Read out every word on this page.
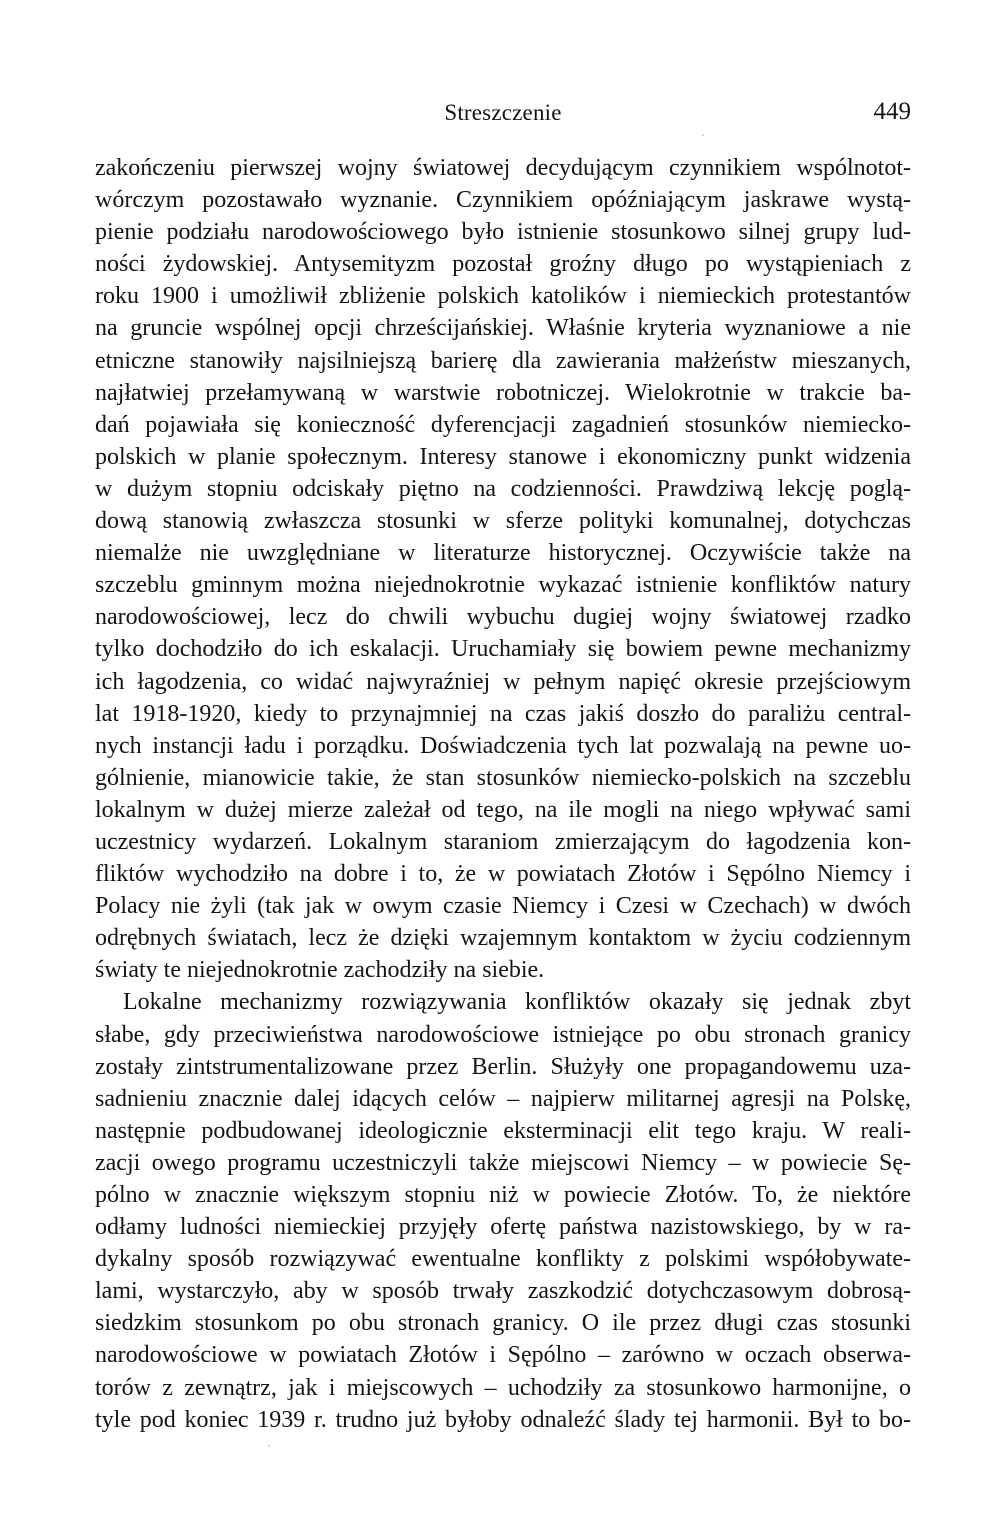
Streszczenie	449
zakończeniu pierwszej wojny światowej decydującym czynnikiem wspólnotot-
wórczym pozostawało wyznanie. Czynnikiem opóźniającym jaskrawe wystą-
pienie podziału narodowościowego było istnienie stosunkowo silnej grupy lud-
ności żydowskiej. Antysemityzm pozostał groźny długo po wystąpieniach z
roku 1900 i umożliwił zbliżenie polskich katolików i niemieckich protestantów
na gruncie wspólnej opcji chrześcijańskiej. Właśnie kryteria wyznaniowe a nie
etniczne stanowiły najsilniejszą barierę dla zawierania małżeństw mieszanych,
najłatwiej przełamywaną w warstwie robotniczej. Wielokrotnie w trakcie ba-
dań pojawiała się konieczność dyferencjacji zagadnień stosunków niemiecko-
polskich w planie społecznym. Interesy stanowe i ekonomiczny punkt widzenia
w dużym stopniu odciskały piętno na codzienności. Prawdziwą lekcję poglą-
dową stanowią zwłaszcza stosunki w sferze polityki komunalnej, dotychczas
niemalże nie uwzględniane w literaturze historycznej. Oczywiście także na
szczeblu gminnym można niejednokrotnie wykazać istnienie konfliktów natury
narodowościowej, lecz do chwili wybuchu dugiej wojny światowej rzadko
tylko dochodziło do ich eskalacji. Uruchamiały się bowiem pewne mechanizmy
ich łagodzenia, co widać najwyraźniej w pełnym napięć okresie przejściowym
lat 1918-1920, kiedy to przynajmniej na czas jakiś doszło do paraliżu central-
nych instancji ładu i porządku. Doświadczenia tych lat pozwalają na pewne uo-
gólnienie, mianowicie takie, że stan stosunków niemiecko-polskich na szczeblu
lokalnym w dużej mierze zależał od tego, na ile mogli na niego wpływać sami
uczestnicy wydarzeń. Lokalnym staraniom zmierzającym do łagodzenia kon-
fliktów wychodziło na dobre i to, że w powiatach Złotów i Sępólno Niemcy i
Polacy nie żyli (tak jak w owym czasie Niemcy i Czesi w Czechach) w dwóch
odrębnych światach, lecz że dzięki wzajemnym kontaktom w życiu codziennym
światy te niejednokrotnie zachodziły na siebie.
Lokalne mechanizmy rozwiązywania konfliktów okazały się jednak zbyt
słabe, gdy przeciwieństwa narodowościowe istniejące po obu stronach granicy
zostały zintstrumentalizowane przez Berlin. Służyły one propagandowemu uza-
sadnieniu znacznie dalej idących celów – najpierw militarnej agresji na Polskę,
następnie podbudowanej ideologicznie eksterminacji elit tego kraju. W reali-
zacji owego programu uczestniczyli także miejscowi Niemcy – w powiecie Sę-
pólno w znacznie większym stopniu niż w powiecie Złotów. To, że niektóre
odłamy ludności niemieckiej przyjęły ofertę państwa nazistowskiego, by w ra-
dykalny sposób rozwiązywać ewentualne konflikty z polskimi współobywate-
lami, wystarczyło, aby w sposób trwały zaszkodzić dotychczasowym dobrosą-
siedzkim stosunkom po obu stronach granicy. O ile przez długi czas stosunki
narodowościowe w powiatach Złotów i Sępólno – zarówno w oczach obserwa-
torów z zewnątrz, jak i miejscowych – uchodziły za stosunkowo harmonijne, o
tyle pod koniec 1939 r. trudno już byłoby odnaleźć ślady tej harmonii. Był to bo-
